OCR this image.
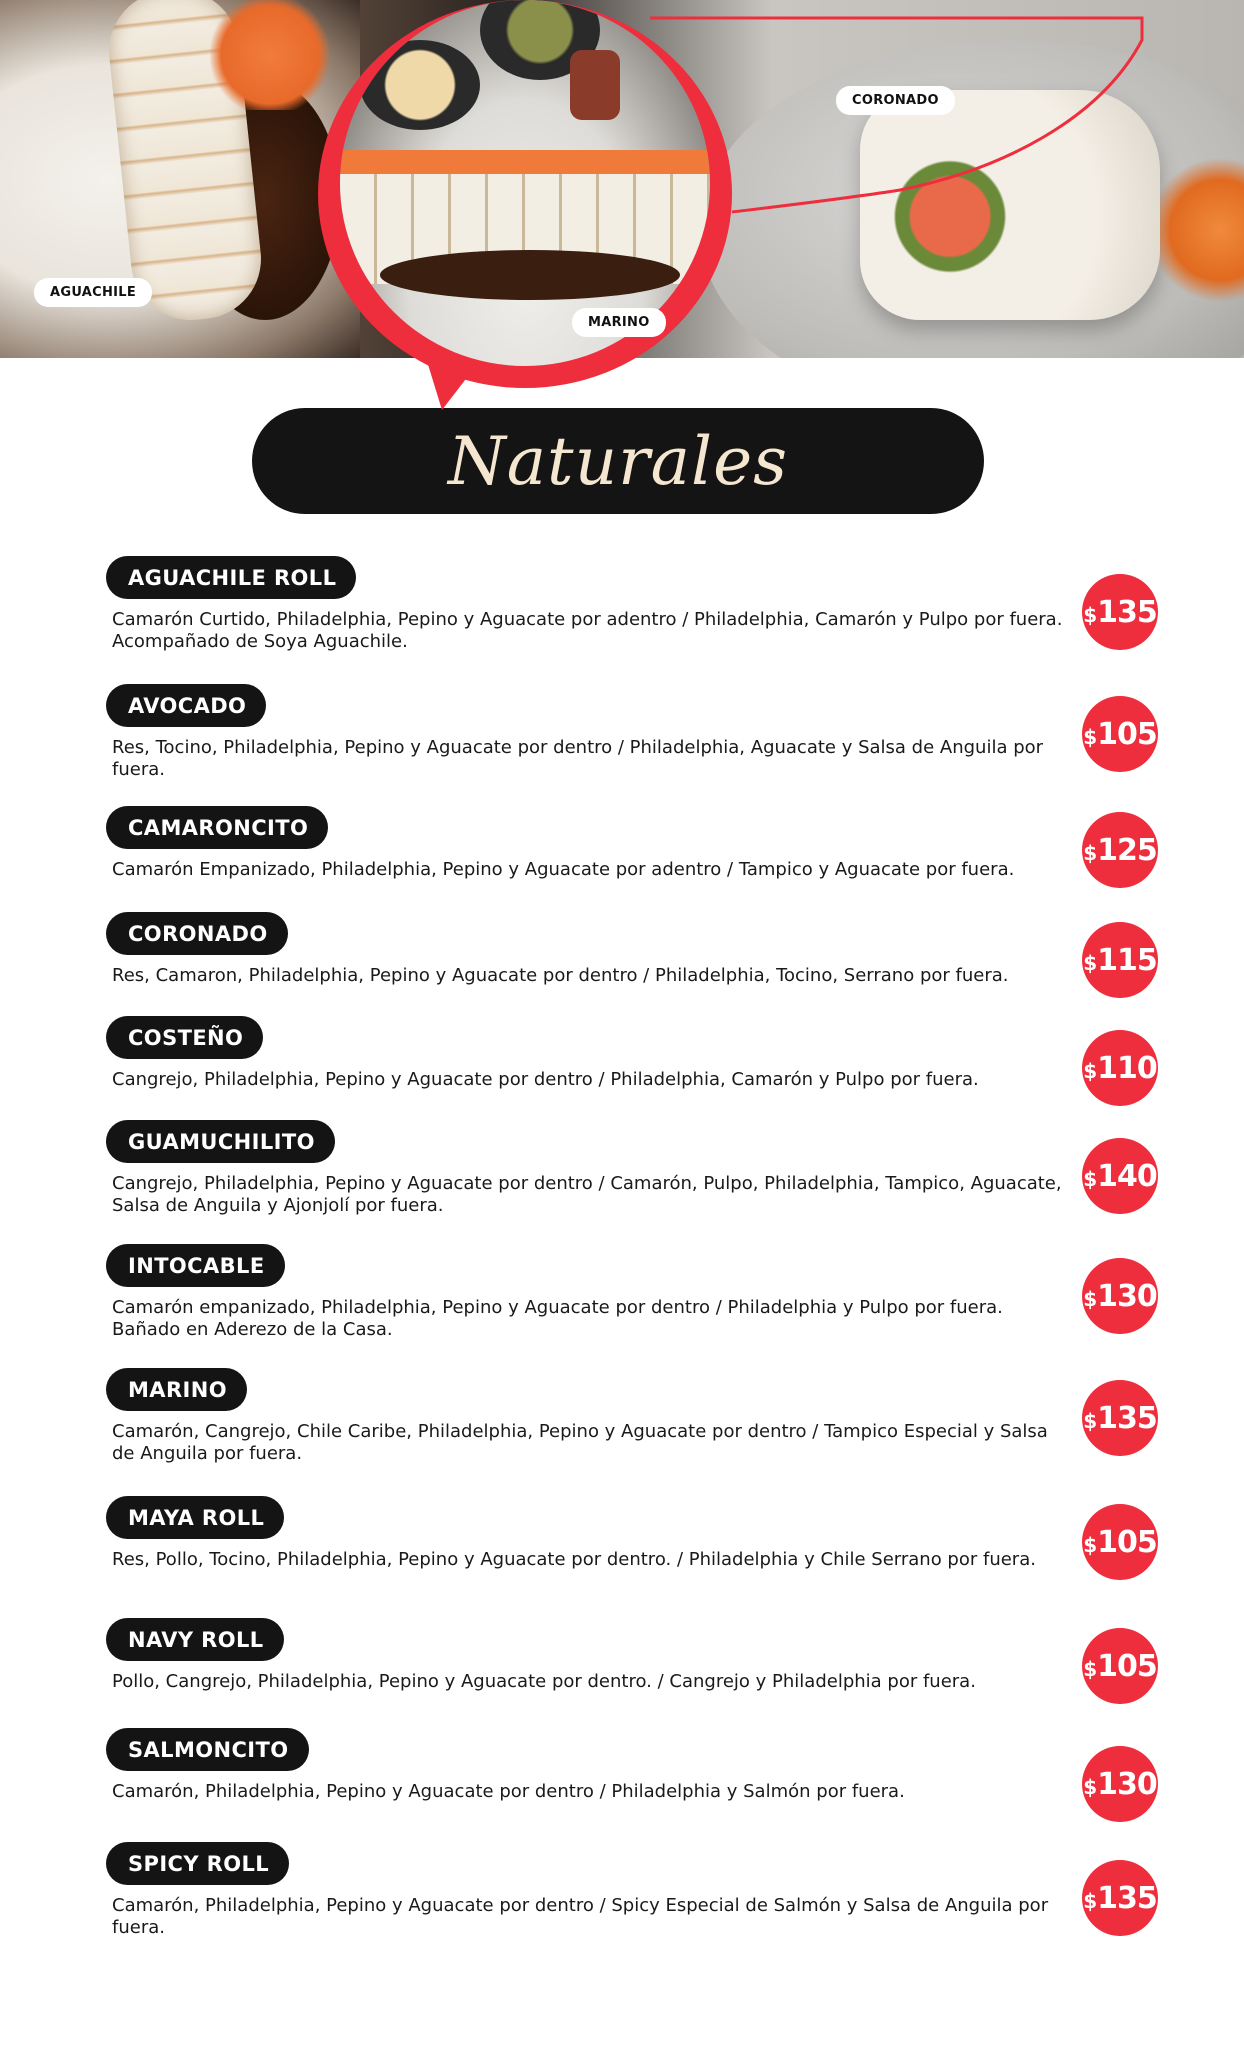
AGUACHILE
MARINO
CORONADO
Naturales
AGUACHILE ROLL
Camarón Curtido, Philadelphia, Pepino y Aguacate por adentro / Philadelphia, Camarón y Pulpo por fuera. Acompañado de Soya Aguachile.
$ 135
AVOCADO
Res, Tocino, Philadelphia, Pepino y Aguacate por dentro / Philadelphia, Aguacate y Salsa de Anguila por fuera.
$ 105
CAMARONCITO
Camarón Empanizado, Philadelphia, Pepino y Aguacate por adentro / Tampico y Aguacate por fuera.
$ 125
CORONADO
Res, Camaron, Philadelphia, Pepino y Aguacate por dentro / Philadelphia, Tocino, Serrano por fuera.
$ 115
COSTEÑO
Cangrejo, Philadelphia, Pepino y Aguacate por dentro / Philadelphia, Camarón y Pulpo por fuera.	$ 110
GUAMUCHILITO
Cangrejo, Philadelphia, Pepino y Aguacate por dentro / Camarón, Pulpo, Philadelphia, Tampico, Aguacate, Salsa de Anguila y Ajonjolí por fuera.
$ 140
INTOCABLE
Camarón empanizado, Philadelphia, Pepino y Aguacate por dentro / Philadelphia y Pulpo por fuera. Bañado en Aderezo de la Casa.
$ 130
MARINO
Camarón, Cangrejo, Chile Caribe, Philadelphia, Pepino y Aguacate por dentro / Tampico Especial y Salsa de Anguila por fuera.
$ 135
MAYA ROLL
Res, Pollo, Tocino, Philadelphia, Pepino y Aguacate por dentro. / Philadelphia y Chile Serrano por fuera.
$ 105
NAVY ROLL
Pollo, Cangrejo, Philadelphia, Pepino y Aguacate por dentro. / Cangrejo y Philadelphia por fuera.
$ 105
SALMONCITO
Camarón, Philadelphia, Pepino y Aguacate por dentro / Philadelphia y Salmón por fuera.	$ 130
SPICY ROLL
Camarón, Philadelphia, Pepino y Aguacate por dentro / Spicy Especial de Salmón y Salsa de Anguila por fuera.
$ 135
